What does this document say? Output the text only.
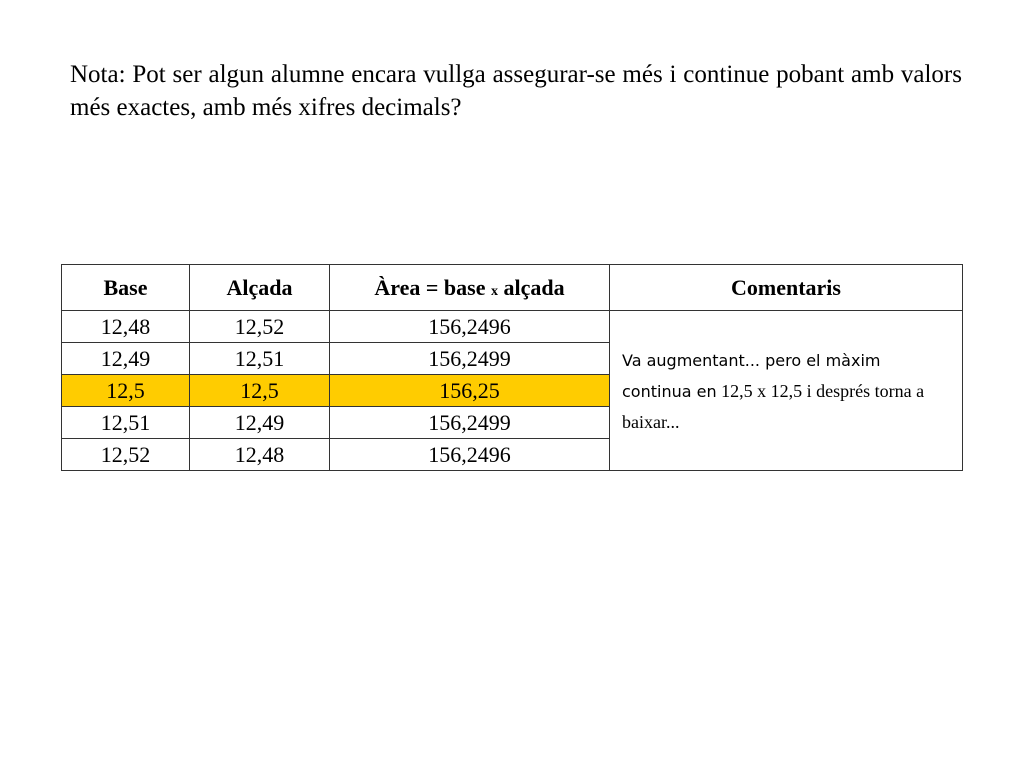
Nota: Pot ser algun alumne encara vullga assegurar-se més i continue pobant amb valors més exactes, amb més xifres decimals?

Base	Alçada	Àrea = base x alçada	Comentaris
12,48	12,52	156,2496	Va augmentant... pero el màxim continua en 12,5 x 12,5 i després torna a baixar...
12,49	12,51	156,2499	
12,5	12,5	156,25	
12,51	12,49	156,2499	
12,52	12,48	156,2496	
